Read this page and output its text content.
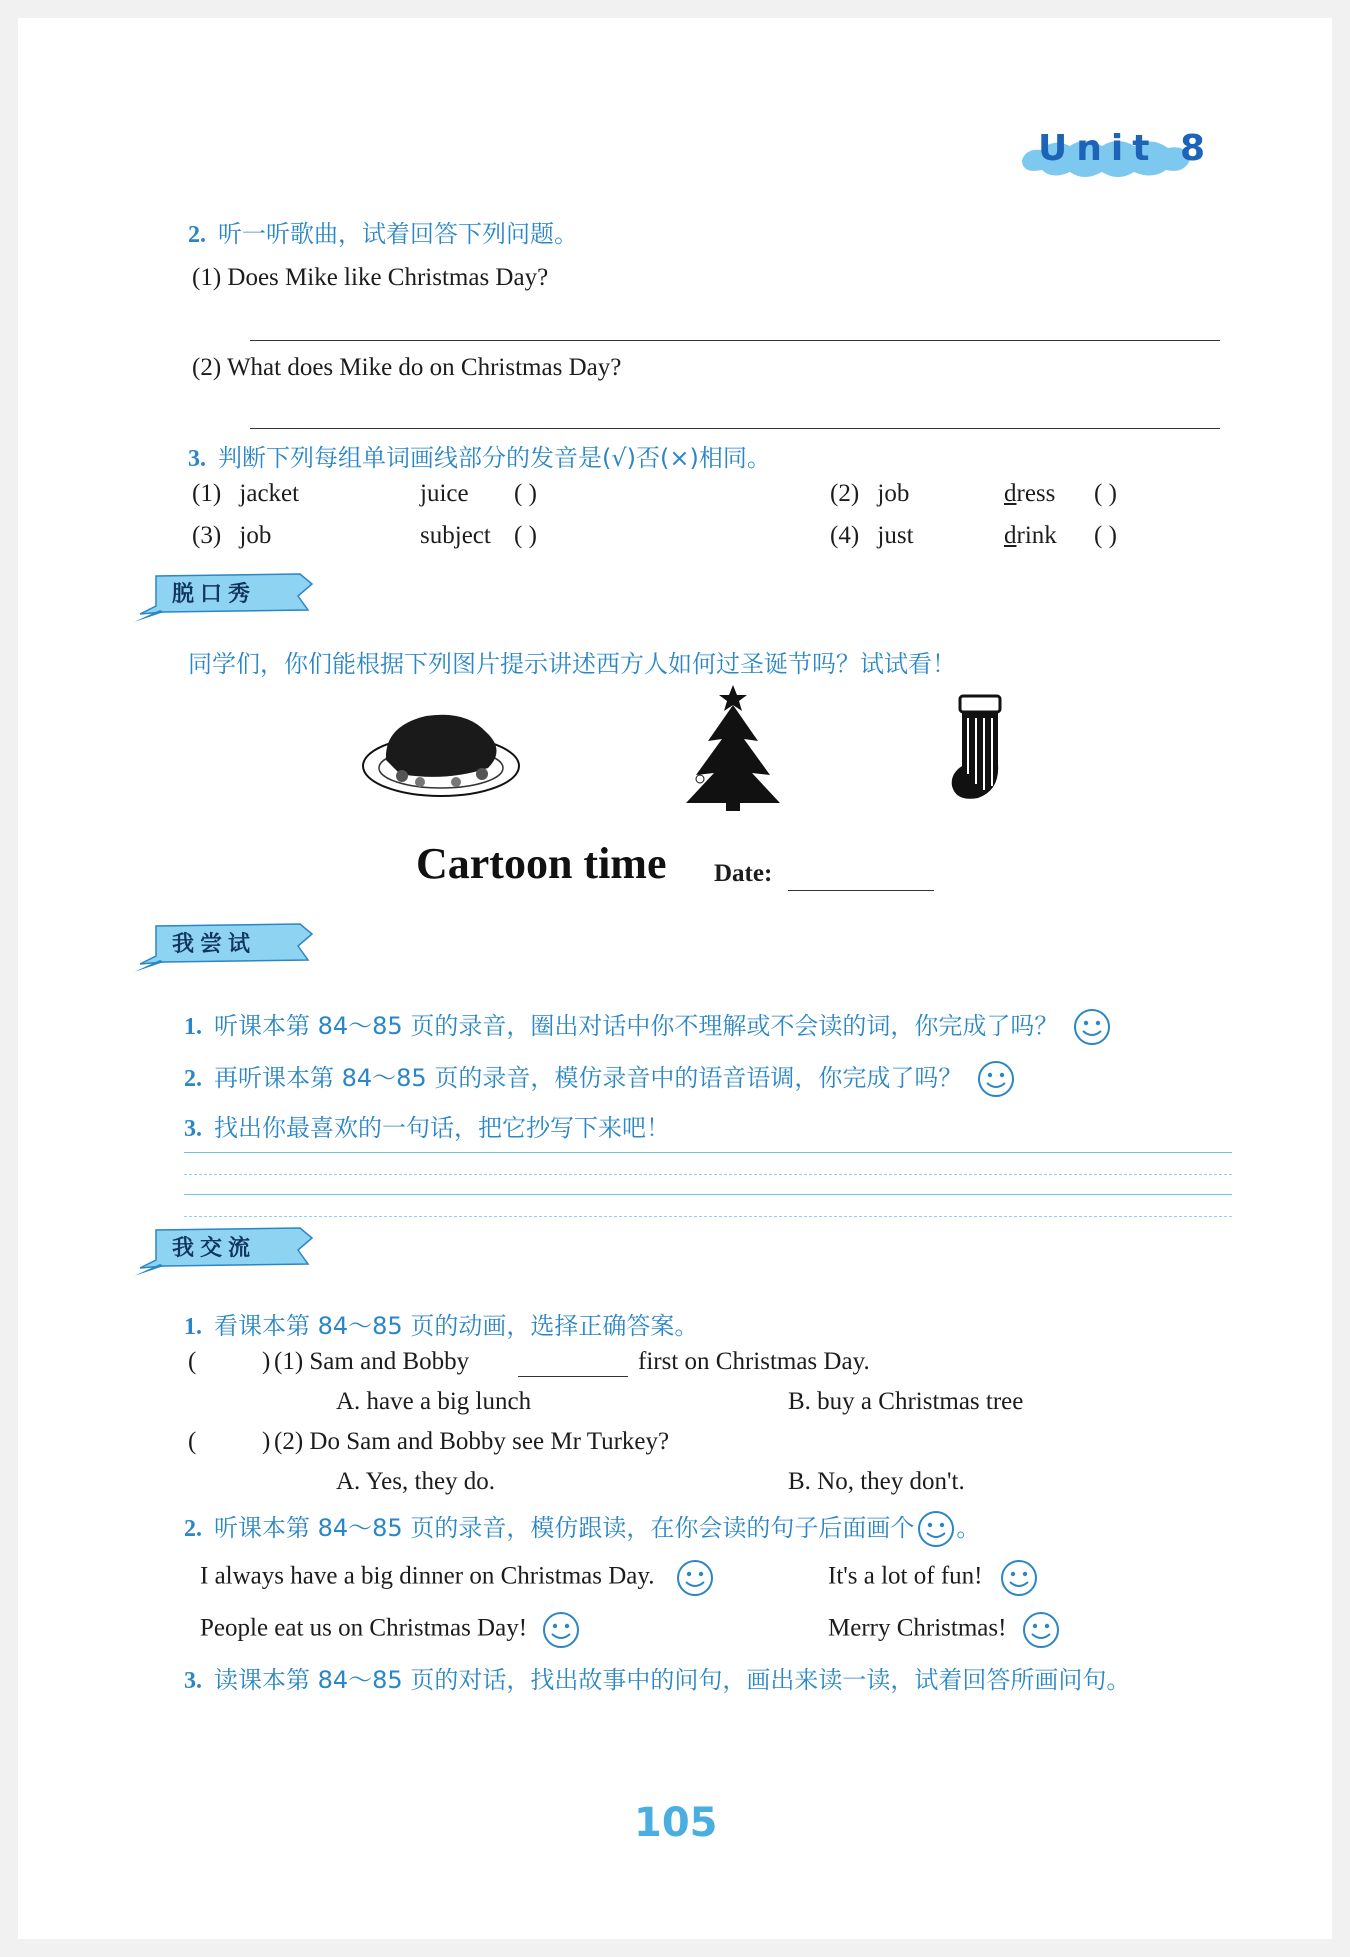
Unit 8
2. 听一听歌曲，试着回答下列问题。
(1) Does Mike like Christmas Day?
(2) What does Mike do on Christmas Day?
3. 判断下列每组单词画线部分的发音是(√)否(×)相同。
(1) jacket	juice ( )	(2) job	dress ( )
(3) job	subject ( )	(4) just	drink ( )
脱口秀
同学们，你们能根据下列图片提示讲述西方人如何过圣诞节吗？试试看！
Cartoon time Date:
我尝试
1. 听课本第 84～85 页的录音，圈出对话中你不理解或不会读的词，你完成了吗？
2. 再听课本第 84～85 页的录音，模仿录音中的语音语调，你完成了吗？
3. 找出你最喜欢的一句话，把它抄写下来吧！
我交流
1. 看课本第 84～85 页的动画，选择正确答案。
(	) (1) Sam and Bobby	first on Christmas Day.
A. have a big lunch	B. buy a Christmas tree
(	) (2) Do Sam and Bobby see Mr Turkey?
A. Yes, they do.	B. No, they don't.
2. 听课本第 84～85 页的录音，模仿跟读，在你会读的句子后面画个 。
I always have a big dinner on Christmas Day.	It's a lot of fun!
People eat us on Christmas Day!	Merry Christmas!
3. 读课本第 84～85 页的对话，找出故事中的问句，画出来读一读，试着回答所画问句。
105
